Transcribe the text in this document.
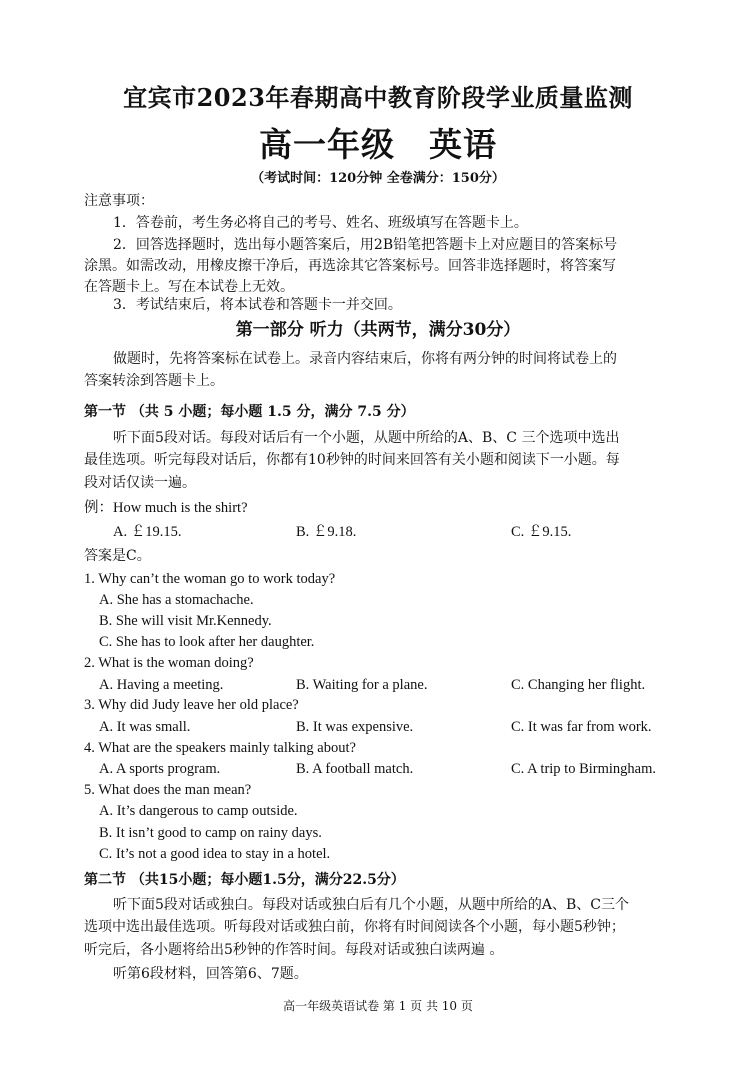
宜宾市2023年春期高中教育阶段学业质量监测
高一年级　英语
（考试时间：120分钟 全卷满分：150分）
注意事项：
1．答卷前，考生务必将自己的考号、姓名、班级填写在答题卡上。
2．回答选择题时，选出每小题答案后，用2B铅笔把答题卡上对应题目的答案标号
涂黑。如需改动，用橡皮擦干净后，再选涂其它答案标号。回答非选择题时，将答案写
在答题卡上。写在本试卷上无效。
3．考试结束后，将本试卷和答题卡一并交回。
第一部分 听力（共两节，满分30分）
做题时，先将答案标在试卷上。录音内容结束后，你将有两分钟的时间将试卷上的
答案转涂到答题卡上。
第一节 （共 5 小题；每小题 1.5 分，满分 7.5 分）
听下面5段对话。每段对话后有一个小题，从题中所给的A、B、C 三个选项中选出
最佳选项。听完每段对话后，你都有10秒钟的时间来回答有关小题和阅读下一小题。每
段对话仅读一遍。
例：How much is the shirt?
A. ￡19.15.	B. ￡9.18.	C. ￡9.15.
答案是C。
1. Why can’t the woman go to work today?
A. She has a stomachache.
B. She will visit Mr.Kennedy.
C. She has to look after her daughter.
2. What is the woman doing?
A. Having a meeting.	B. Waiting for a plane.	C. Changing her flight.
3. Why did Judy leave her old place?
A. It was small.	B. It was expensive.	C. It was far from work.
4. What are the speakers mainly talking about?
A. A sports program.	B. A football match.	C. A trip to Birmingham.
5. What does the man mean?
A. It’s dangerous to camp outside.
B. It isn’t good to camp on rainy days.
C. It’s not a good idea to stay in a hotel.
第二节 （共15小题；每小题1.5分，满分22.5分）
听下面5段对话或独白。每段对话或独白后有几个小题，从题中所给的A、B、C三个
选项中选出最佳选项。听每段对话或独白前，你将有时间阅读各个小题，每小题5秒钟；
听完后，各小题将给出5秒钟的作答时间。每段对话或独白读两遍 。
听第6段材料，回答第6、7题。
高一年级英语试卷 第 1 页 共 10 页
